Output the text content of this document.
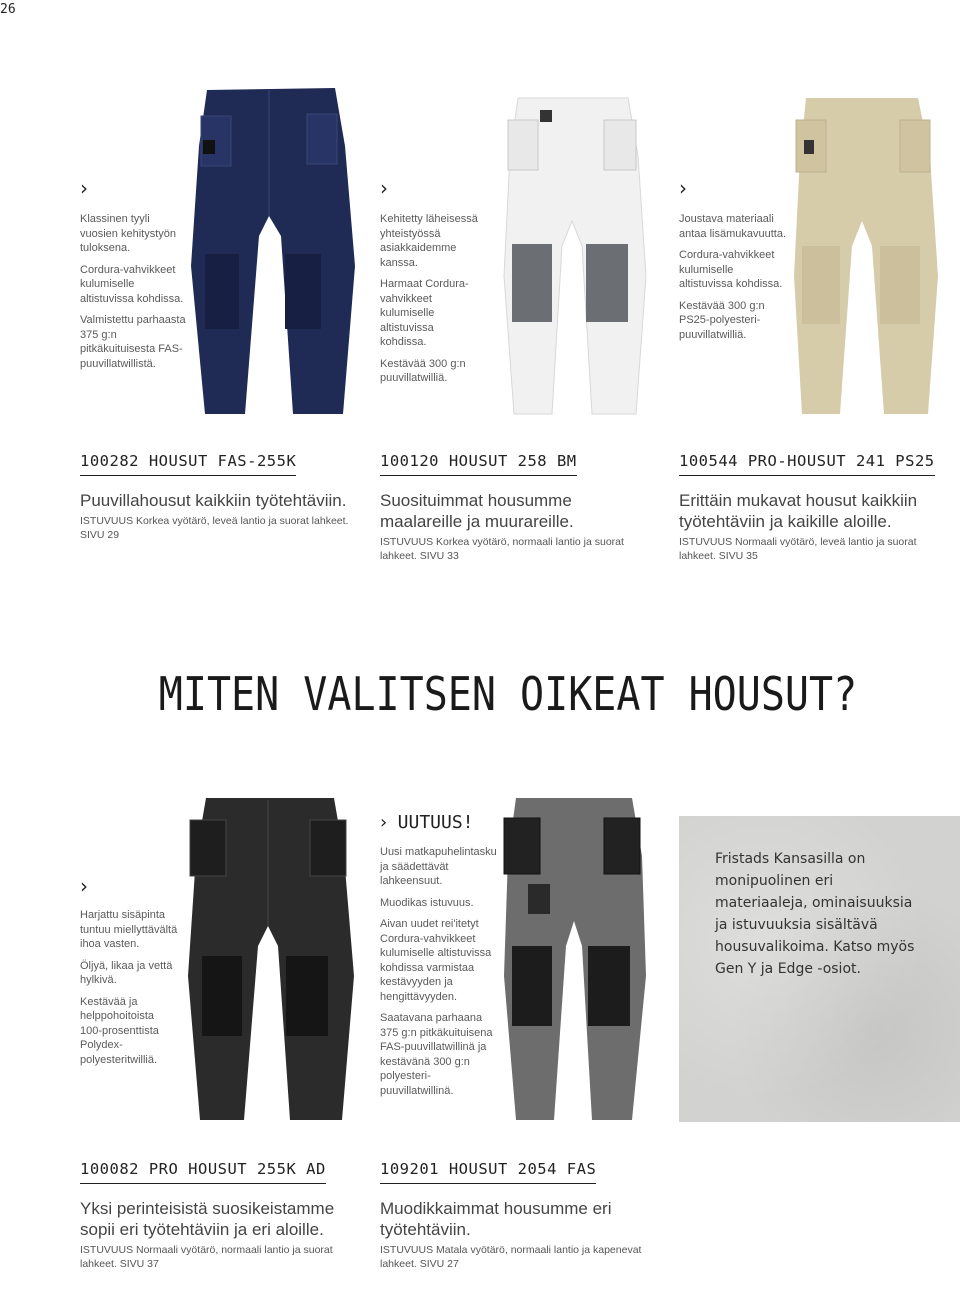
26
›

Klassinen tyyli vuosien kehitystyön tuloksena.

Cordura-vahvikkeet kulumiselle altistuvissa kohdissa.

Valmistettu parhaasta 375 g:n pitkäkuituisesta FAS-puuvillatwillistä.

100282 HOUSUT FAS-255K
Puuvillahousut kaikkiin työtehtäviin.
ISTUVUUS Korkea vyötärö, leveä lantio ja suorat lahkeet. SIVU 29
›

Kehitetty läheisessä yhteistyössä asiakkaidemme kanssa.

Harmaat Cordura-vahvikkeet kulumiselle altistuvissa kohdissa.

Kestävää 300 g:n puuvillatwilliä.

100120 HOUSUT 258 BM
Suosituimmat housumme maalareille ja muurareille.
ISTUVUUS Korkea vyötärö, normaali lantio ja suorat lahkeet. SIVU 33
›

Joustava materiaali antaa lisämukavuutta.

Cordura-vahvikkeet kulumiselle altistuvissa kohdissa.

Kestävää 300 g:n PS25-polyesteri-puuvillatwilliä.

100544 PRO-HOUSUT 241 PS25
Erittäin mukavat housut kaikkiin työtehtäviin ja kaikille aloille.
ISTUVUUS Normaali vyötärö, leveä lantio ja suorat lahkeet. SIVU 35
MITEN VALITSEN OIKEAT HOUSUT?
›

Harjattu sisäpinta tuntuu miellyttävältä ihoa vasten.

Öljyä, likaa ja vettä hylkivä.

Kestävää ja helppohoitoista 100-prosenttista Polydex-polyesteritwilliä.

100082 PRO HOUSUT 255K AD
Yksi perinteisistä suosikeistamme sopii eri työtehtäviin ja eri aloille.
ISTUVUUS Normaali vyötärö, normaali lantio ja suorat lahkeet. SIVU 37
› UUTUUS!

Uusi matkapuhelintasku ja säädettävät lahkeensuut.

Muodikas istuvuus.

Aivan uudet rei'itetyt Cordura-vahvikkeet kulumiselle altistuvissa kohdissa varmistaa kestävyyden ja hengittävyyden.

Saatavana parhaana 375 g:n pitkäkuituisena FAS-puuvillatwillinä ja kestävänä 300 g:n polyesteri-puuvillatwillinä.

109201 HOUSUT 2054 FAS
Muodikkaimmat housumme eri työtehtäviin.
ISTUVUUS Matala vyötärö, normaali lantio ja kapenevat lahkeet. SIVU 27
Fristads Kansasilla on monipuolinen eri materiaaleja, ominaisuuksia ja istuvuuksia sisältävä housuvalikoima. Katso myös Gen Y ja Edge -osiot.
